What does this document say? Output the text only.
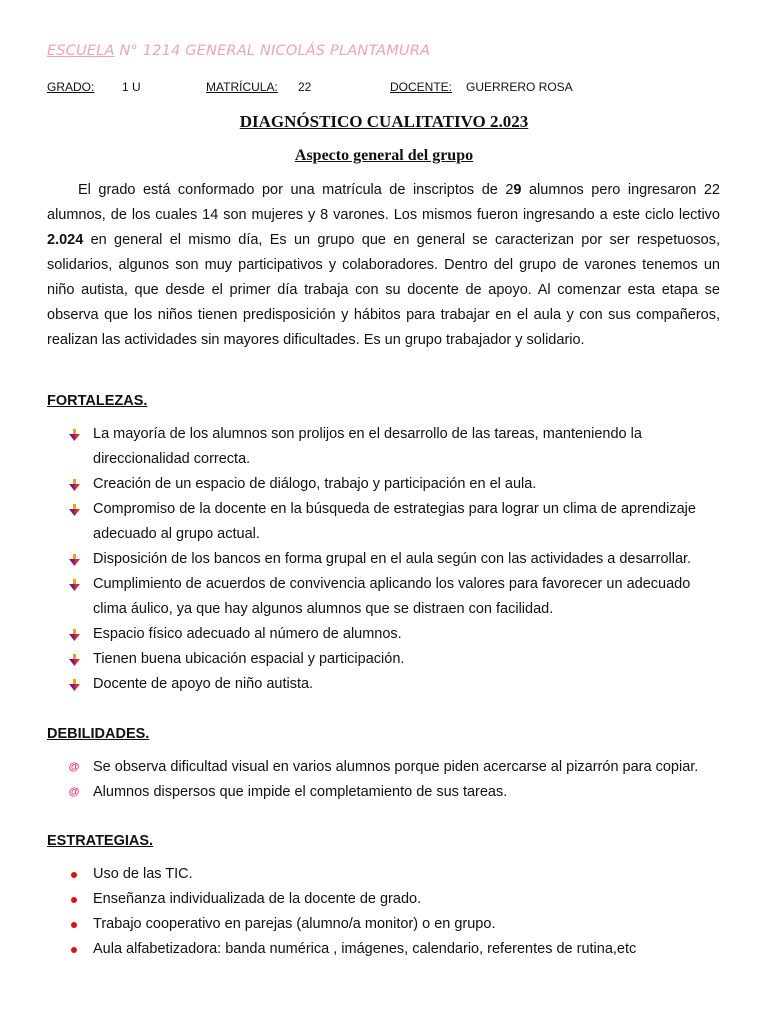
ESCUELA N° 1214 GENERAL NICOLÁS PLANTAMURA
GRADO: 1 U	MATRÍCULA: 22	DOCENTE: GUERRERO ROSA
DIAGNÓSTICO CUALITATIVO 2.023
Aspecto general del grupo

El grado está conformado por una matrícula de inscriptos de 29 alumnos pero ingresaron 22 alumnos, de los cuales 14 son mujeres y 8 varones. Los mismos fueron ingresando a este ciclo lectivo 2.024 en general el mismo día, Es un grupo que en general se caracterizan por ser respetuosos, solidarios, algunos son muy participativos y colaboradores. Dentro del grupo de varones tenemos un niño autista, que desde el primer día trabaja con su docente de apoyo. Al comenzar esta etapa se observa que los niños tienen predisposición y hábitos para trabajar en el aula y con sus compañeros, realizan las actividades sin mayores dificultades. Es un grupo trabajador y solidario.

FORTALEZAS.
La mayoría de los alumnos son prolijos en el desarrollo de las tareas, manteniendo la direccionalidad correcta.
Creación de un espacio de diálogo, trabajo y participación en el aula.
Compromiso de la docente en la búsqueda de estrategias para lograr un clima de aprendizaje adecuado al grupo actual.
Disposición de los bancos en forma grupal en el aula según con las actividades a desarrollar.
Cumplimiento de acuerdos de convivencia aplicando los valores para favorecer un adecuado clima áulico, ya que hay algunos alumnos que se distraen con facilidad.
Espacio físico adecuado al número de alumnos.
Tienen buena ubicación espacial y participación.
Docente de apoyo de niño autista.
DEBILIDADES.
@ Se observa dificultad visual en varios alumnos porque piden acercarse al pizarrón para copiar.
@ Alumnos dispersos que impide el completamiento de sus tareas.
ESTRATEGIAS.
Uso de las TIC.
Enseñanza individualizada de la docente de grado.
Trabajo cooperativo en parejas (alumno/a monitor) o en grupo.
Aula alfabetizadora: banda numérica , imágenes, calendario, referentes de rutina,etc
